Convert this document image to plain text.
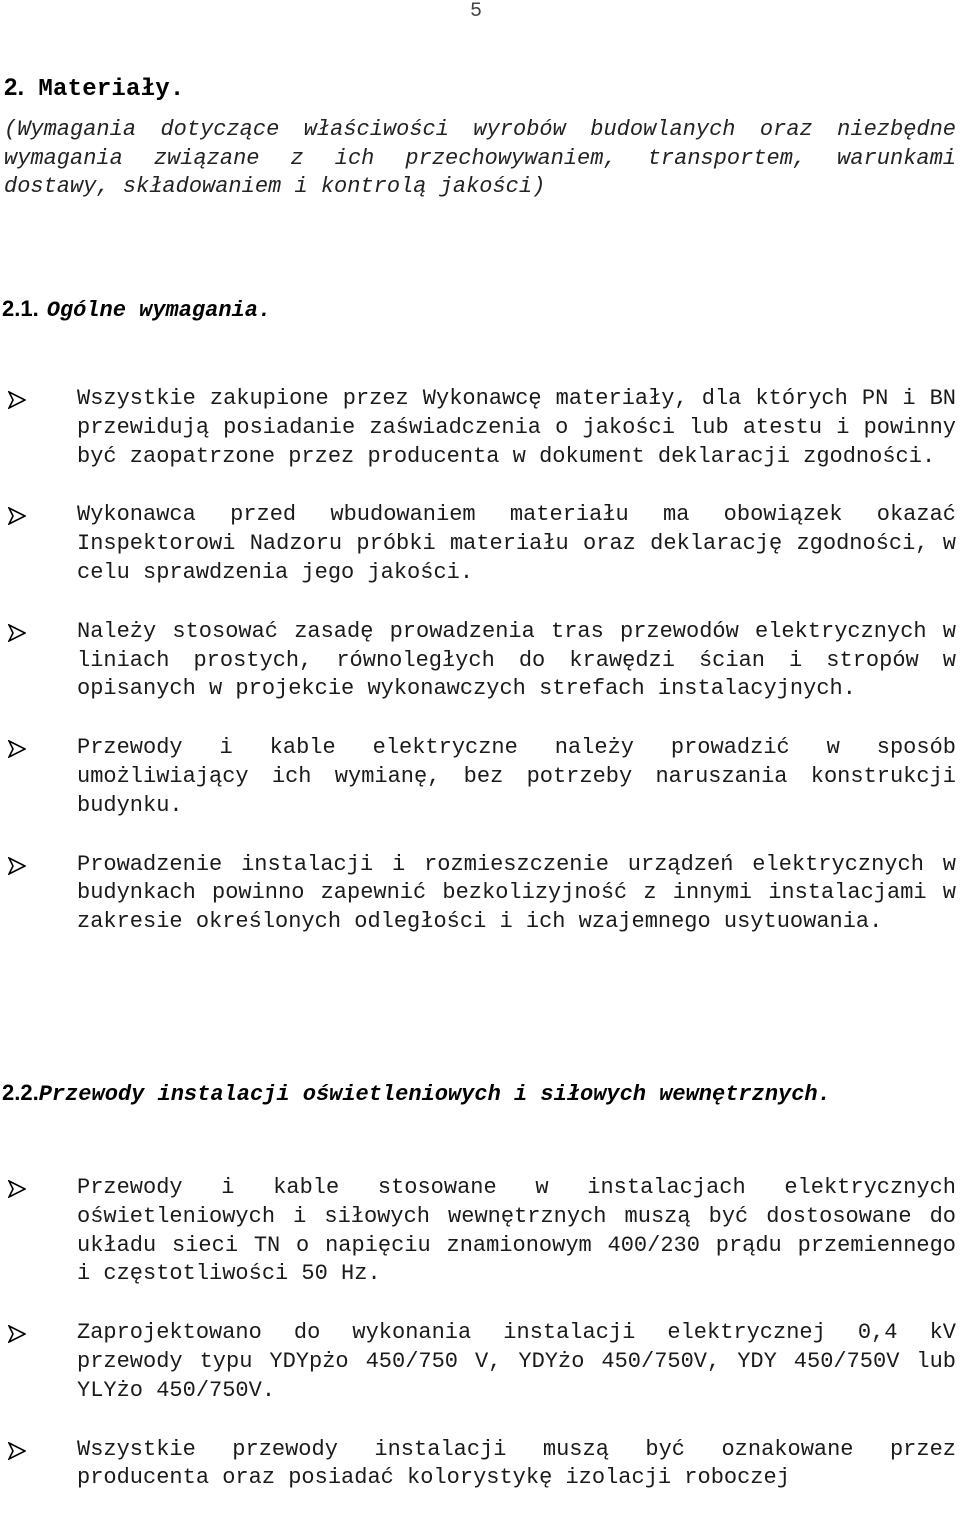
5
2. Materiały.
(Wymagania dotyczące właściwości wyrobów budowlanych oraz niezbędne wymagania związane z ich przechowywaniem, transportem, warunkami dostawy, składowaniem i kontrolą jakości)
2.1. Ogólne wymagania.
Wszystkie zakupione przez Wykonawcę materiały, dla których PN i BN przewidują posiadanie zaświadczenia o jakości lub atestu i powinny być zaopatrzone przez producenta w dokument deklaracji zgodności.
Wykonawca przed wbudowaniem materiału ma obowiązek okazać Inspektorowi Nadzoru próbki materiału oraz deklarację zgodności, w celu sprawdzenia jego jakości.
Należy stosować zasadę prowadzenia tras przewodów elektrycznych w liniach prostych, równoległych do krawędzi ścian i stropów w opisanych w projekcie wykonawczych strefach instalacyjnych.
Przewody i kable elektryczne należy prowadzić w sposób umożliwiający ich wymianę, bez potrzeby naruszania konstrukcji budynku.
Prowadzenie instalacji i rozmieszczenie urządzeń elektrycznych w budynkach powinno zapewnić bezkolizyjność z innymi instalacjami w zakresie określonych odległości i ich wzajemnego usytuowania.
2.2.Przewody instalacji oświetleniowych i siłowych wewnętrznych.
Przewody i kable stosowane w instalacjach elektrycznych oświetleniowych i siłowych wewnętrznych muszą być dostosowane do układu sieci TN o napięciu znamionowym 400/230 prądu przemiennego i częstotliwości 50 Hz.
Zaprojektowano do wykonania instalacji elektrycznej 0,4 kV przewody typu YDYpżo 450/750 V, YDYżo 450/750V, YDY 450/750V lub YLYżo 450/750V.
Wszystkie przewody instalacji muszą być oznakowane przez producenta oraz posiadać kolorystykę izolacji roboczej
